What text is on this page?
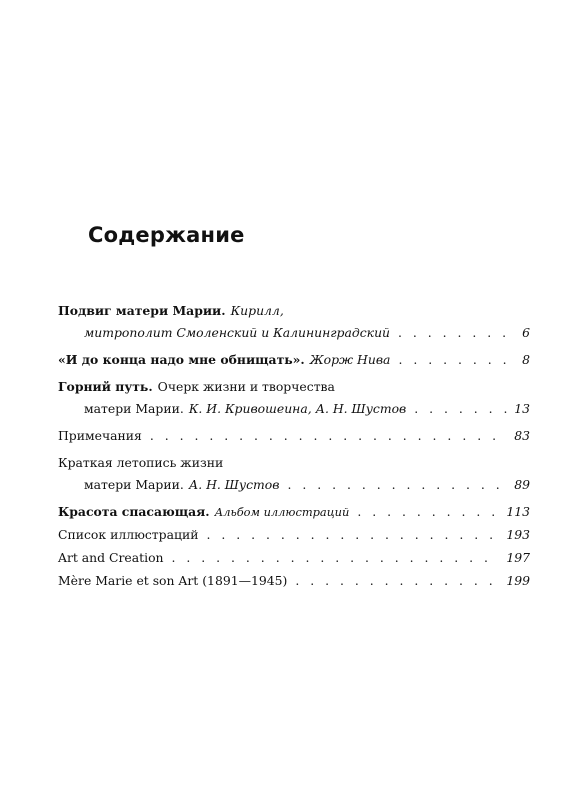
Содержание
Подвиг матери Марии. Кирилл,
митрополит Смоленский и Калининградский . . .	6
«И до конца надо мне обнищать». Жорж Нива . . .	8
Горний путь. Очерк жизни и творчества
матери Марии. К. И. Кривошеина, А. Н. Шустов . . .	13
Примечания . . .	83
Краткая летопись жизни
матери Марии. А. Н. Шустов . . .	89
Красота спасающая. Альбом иллюстраций . . .	113
Список иллюстраций . . .	193
Art and Creation . . .	197
Mère Marie et son Art (1891—1945) . . .	199
